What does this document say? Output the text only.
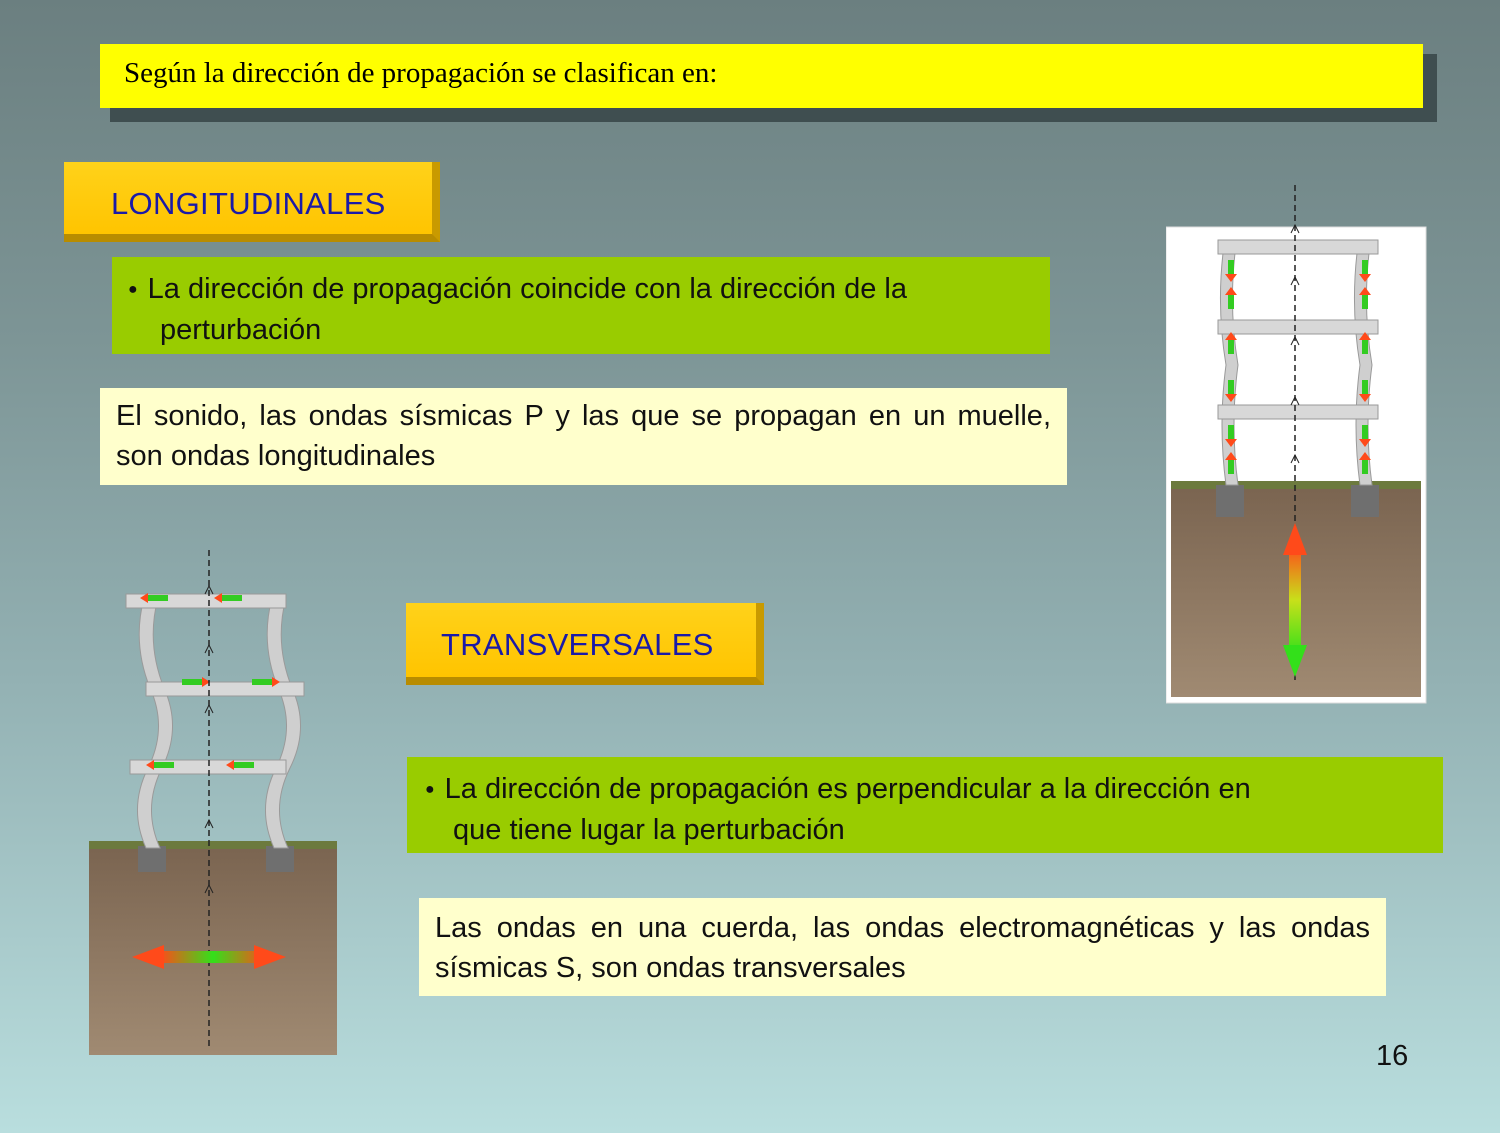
Según la dirección de propagación se clasifican en:
LONGITUDINALES
● La dirección de propagación coincide con la dirección de la
perturbación
El sonido, las ondas sísmicas P y las que se propagan en un muelle, son ondas longitudinales
TRANSVERSALES
● La dirección de propagación es perpendicular a la dirección en
que tiene lugar la perturbación
Las ondas en una cuerda, las ondas electromagnéticas y las ondas sísmicas S, son ondas transversales
16
